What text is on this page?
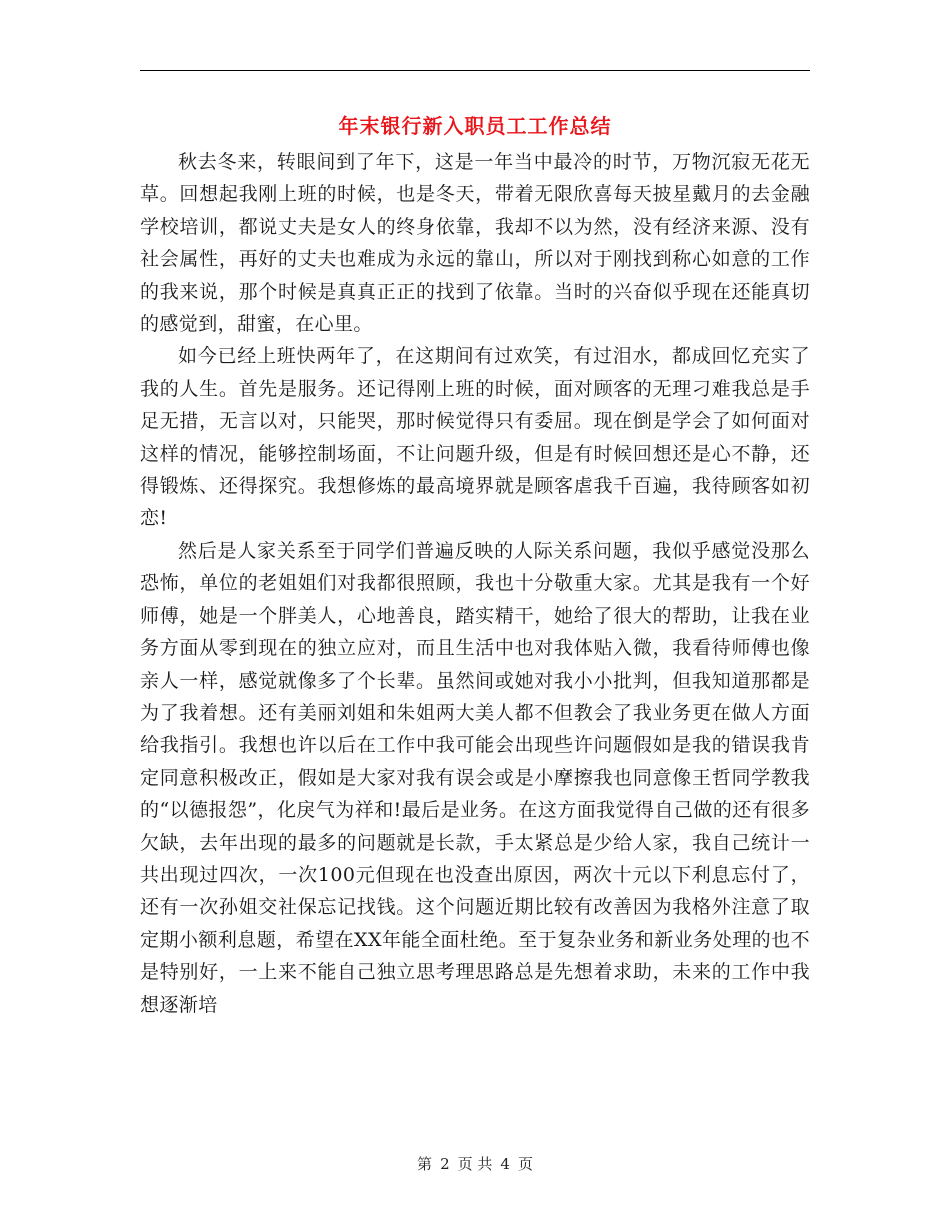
年末银行新入职员工工作总结

秋去冬来，转眼间到了年下，这是一年当中最冷的时节，万物沉寂无花无草。回想起我刚上班的时候，也是冬天，带着无限欣喜每天披星戴月的去金融学校培训，都说丈夫是女人的终身依靠，我却不以为然，没有经济来源、没有社会属性，再好的丈夫也难成为永远的靠山，所以对于刚找到称心如意的工作的我来说，那个时候是真真正正的找到了依靠。当时的兴奋似乎现在还能真切的感觉到，甜蜜，在心里。

如今已经上班快两年了，在这期间有过欢笑，有过泪水，都成回忆充实了我的人生。首先是服务。还记得刚上班的时候，面对顾客的无理刁难我总是手足无措，无言以对，只能哭，那时候觉得只有委屈。现在倒是学会了如何面对这样的情况，能够控制场面，不让问题升级，但是有时候回想还是心不静，还得锻炼、还得探究。我想修炼的最高境界就是顾客虐我千百遍，我待顾客如初恋!

然后是人家关系至于同学们普遍反映的人际关系问题，我似乎感觉没那么恐怖，单位的老姐姐们对我都很照顾，我也十分敬重大家。尤其是我有一个好师傅，她是一个胖美人，心地善良，踏实精干，她给了很大的帮助，让我在业务方面从零到现在的独立应对，而且生活中也对我体贴入微，我看待师傅也像亲人一样，感觉就像多了个长辈。虽然间或她对我小小批判，但我知道那都是为了我着想。还有美丽刘姐和朱姐两大美人都不但教会了我业务更在做人方面给我指引。我想也许以后在工作中我可能会出现些许问题假如是我的错误我肯定同意积极改正，假如是大家对我有误会或是小摩擦我也同意像王哲同学教我的“以德报怨”，化戾气为祥和!最后是业务。在这方面我觉得自己做的还有很多欠缺，去年出现的最多的问题就是长款，手太紧总是少给人家，我自己统计一共出现过四次，一次100元但现在也没查出原因，两次十元以下利息忘付了，还有一次孙姐交社保忘记找钱。这个问题近期比较有改善因为我格外注意了取定期小额利息题，希望在XX年能全面杜绝。至于复杂业务和新业务处理的也不是特别好，一上来不能自己独立思考理思路总是先想着求助，未来的工作中我想逐渐培

第 2 页 共 4 页
